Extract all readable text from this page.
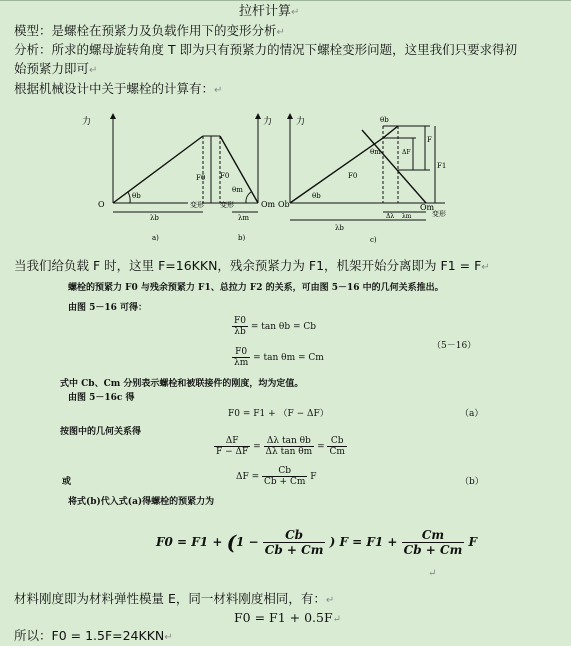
拉杆计算↵
模型：是螺栓在预紧力及负载作用下的变形分析↵
分析：所求的螺母旋转角度 T 即为只有预紧力的情况下螺栓变形问题，这里我们只要求得初
始预紧力即可↵
根据机械设计中关于螺栓的计算有：↵
力
O
θb
λb
F0
变形
a)
力
Om
θm
λm
F0
变形
b)
力
Ob	Om
θb
θb
θm
F0
F1
F
ΔF
Δλ
λb
λm	变形
c)
当我们给负载 F 时，这里 F=16KKN，残余预紧力为 F1，机架开始分离即为 F1 = F↵
螺栓的预紧力 F0 与残余预紧力 F1、总拉力 F2 的关系，可由图 5－16 中的几何关系推出。
由图 5－16 可得：
$\frac{F0}{\lambda b} = \tan \theta b = Cb$
（5－16）
$\frac{F0}{\lambda m} = \tan \theta m = Cm$
式中 Cb、Cm 分别表示螺栓和被联接件的刚度，均为定值。
由图 5－16c 得
F0 = F1 + （F − ΔF）	（a）
按图中的几何关系得
$\frac{\Delta F}{F - \Delta F} = \frac{\text{Δλ tan θb}}{\text{Δλ tan θm}} = \frac{Cb}{Cm}$
或	$\Delta F = \frac{Cb}{Cb + Cm}$ F	（b）
将式(b)代入式(a)得螺栓的预紧力为
$F0 = F1 + (1 - \frac{Cb}{Cb + Cm}$ ) $F = F1 + \frac{Cm}{Cb + Cm}$ F
↵
材料刚度即为材料弹性模量 E，同一材料刚度相同，有：↵
F0 = F1 + 0.5F↵
所以：F0 = 1.5F=24KKN↵
